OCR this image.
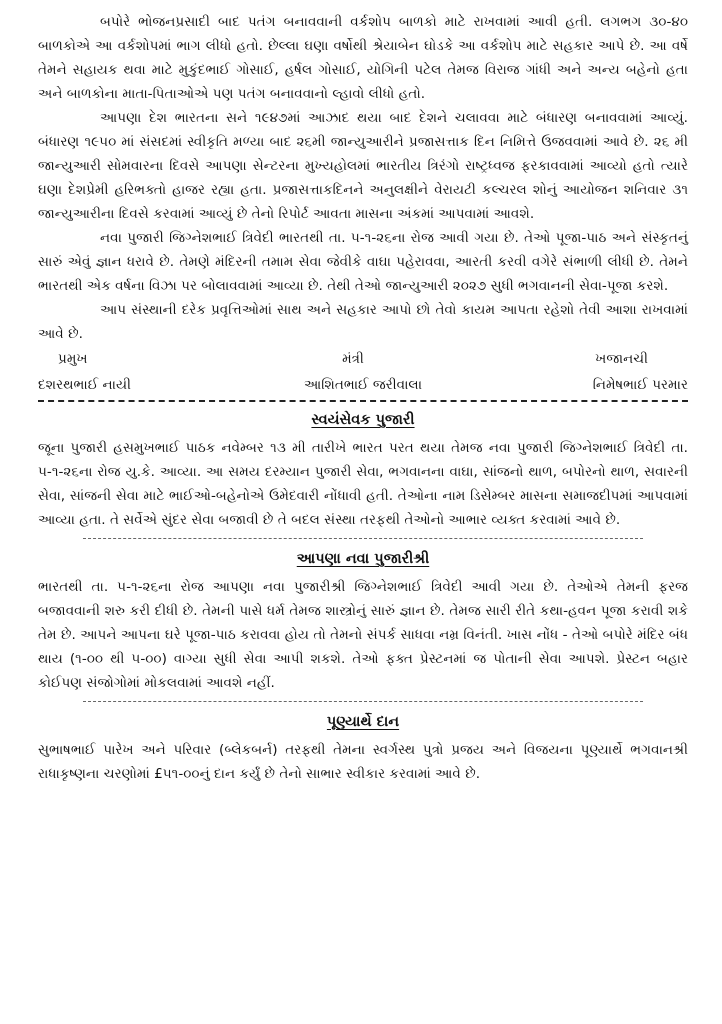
બપોરે ભોજનપ્રસાદી બાદ પતંગ બનાવવાની વર્કશોપ બાળકો માટે રાખવામાં આવી હતી. લગભગ ૩૦-૪૦ બાળકોએ આ વર્કશોપમાં ભાગ લીધો હતો. છેલ્લા ઘણા વર્ષોથી શ્રેયાબેન ઘોડકે આ વર્કશોપ માટે સહકાર આપે છે. આ વર્ષે તેમને સહાયક થવા માટે મુકુંદભાઈ ગોસાઈ, હર્ષલ ગોસાઈ, યોગિની પટેલ તેમજ વિરાજ ગાંધી અને અન્ય બહેનો હતા અને બાળકોના માતા-પિતાઓએ પણ પતંગ બનાવવાનો લ્હાવો લીધો હતો.

આપણા દેશ ભારતના સને ૧૯૪૭માં આઝાદ થયા બાદ દેશને ચલાવવા માટે બંધારણ બનાવવામાં આવ્યું. બંધારણ ૧૯૫૦ માં સંસદમાં સ્વીકૃતિ મળ્યા બાદ ૨૬મી જાન્યુઆરીને પ્રજાસત્તાક દિન નિમિત્તે ઉજવવામાં આવે છે. ૨૬ મી જાન્યુઆરી સોમવારના દિવસે આપણા સેન્ટરના મુખ્યહોલમાં ભારતીય ત્રિરંગો રાષ્ટ્રધ્વજ ફરકાવવામાં આવ્યો હતો ત્યારે ઘણા દેશપ્રેમી હરિભક્તો હાજર રહ્યા હતા. પ્રજાસત્તાકદિનને અનુલક્ષીને વેરાયટી કલ્ચરલ શોનું આયોજન શનિવાર ૩૧ જાન્યુઆરીના દિવસે કરવામાં આવ્યું છે તેનો રિપોર્ટ આવતા માસના અંકમાં આપવામાં આવશે.

નવા પુજારી જિગ્નેશભાઈ ત્રિવેદી ભારતથી તા. ૫-૧-૨૬ના રોજ આવી ગયા છે. તેઓ પૂજા-પાઠ અને સંસ્કૃતનું સારું એવું જ્ઞાન ધરાવે છે. તેમણે મંદિરની તમામ સેવા જેવીકે વાઘા પહેરાવવા, આરતી કરવી વગેરે સંભાળી લીધી છે. તેમને ભારતથી એક વર્ષના વિઝા પર બોલાવવામાં આવ્યા છે. તેથી તેઓ જાન્યુઆરી ૨૦૨૭ સુધી ભગવાનની સેવા-પૂજા કરશે.

આપ સંસ્થાની દરેક પ્રવૃત્તિઓમાં સાથ અને સહકાર આપો છો તેવો કાયમ આપતા રહેશો તેવી આશા રાખવામાં આવે છે.

પ્રમુખ	મંત્રી	ખજાનચી
દશરથભાઈ નાયી	આશિતભાઈ જરીવાલા	નિમેષભાઈ પરમાર
સ્વયંસેવક પુજારી

જૂના પુજારી હસમુખભાઈ પાઠક નવેમ્બર ૧૩ મી તારીખે ભારત પરત થયા તેમજ નવા પુજારી જિગ્નેશભાઈ ત્રિવેદી તા. ૫-૧-૨૬ના રોજ યુ.કે. આવ્યા. આ સમય દરમ્યાન પુજારી સેવા, ભગવાનના વાઘા, સાંજનો થાળ, બપોરનો થાળ, સવારની સેવા, સાંજની સેવા માટે ભાઈઓ-બહેનોએ ઉમેદવારી નોંધાવી હતી. તેઓના નામ ડિસેમ્બર માસના સમાજદીપમાં આપવામાં આવ્યા હતા. તે સર્વેએ સુંદર સેવા બજાવી છે તે બદલ સંસ્થા તરફથી તેઓનો આભાર વ્યક્ત કરવામાં આવે છે.

આપણા નવા પુજારીશ્રી

ભારતથી તા. ૫-૧-૨૬ના રોજ આપણા નવા પુજારીશ્રી જિગ્નેશભાઈ ત્રિવેદી આવી ગયા છે. તેઓએ તેમની ફરજ બજાવવાની શરુ કરી દીધી છે. તેમની પાસે ધર્મ તેમજ શાસ્ત્રોનું સારું જ્ઞાન છે. તેમજ સારી રીતે કથા-હવન પૂજા કરાવી શકે તેમ છે. આપને આપના ઘરે પૂજા-પાઠ કરાવવા હોય તો તેમનો સંપર્ક સાધવા નમ્ર વિનંતી. ખાસ નોંધ - તેઓ બપોરે મંદિર બંધ થાય (૧-૦૦ થી ૫-૦૦) વાગ્યા સુધી સેવા આપી શકશે. તેઓ ફક્ત પ્રેસ્ટનમાં જ પોતાની સેવા આપશે. પ્રેસ્ટન બહાર કોઈપણ સંજોગોમાં મોકલવામાં આવશે નહીં.

પૂણ્યાર્થે દાન

સુભાષભાઈ પારેખ અને પરિવાર (બ્લેકબર્ન) તરફથી તેમના સ્વર્ગસ્થ પુત્રો પ્રજય અને વિજયના પૂણ્યાર્થે ભગવાનશ્રી રાધાકૃષ્ણના ચરણોમાં £૫૧-૦૦નું દાન કર્યું છે તેનો સાભાર સ્વીકાર કરવામાં આવે છે.
